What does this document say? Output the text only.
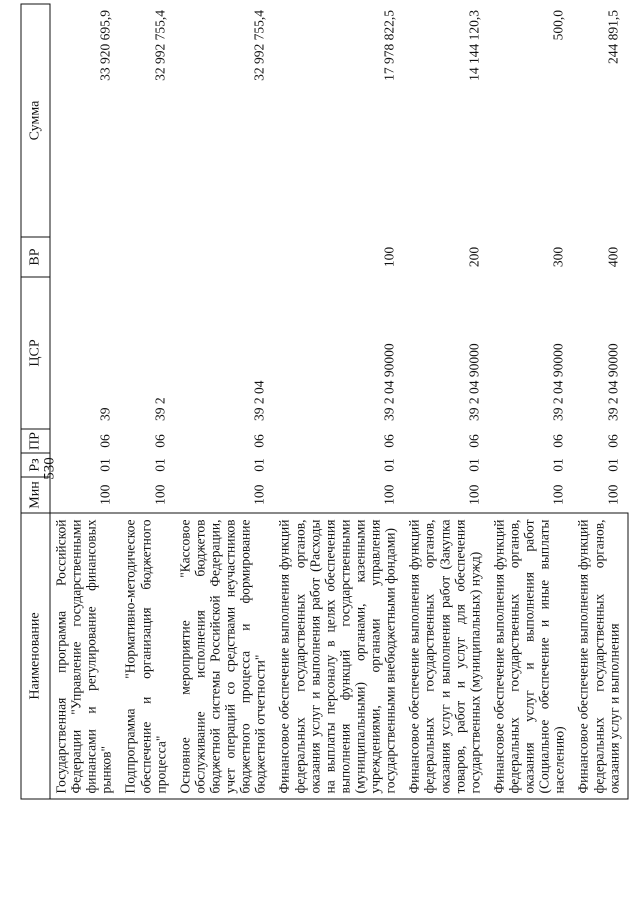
530
Наименование	Мин	Рз	ПР	ЦСР	ВР	Сумма
Государственная программа Российской Федерации "Управление государственными финансами и регулирование финансовых рынков"	100	01	06	39		33 920 695,9
Подпрограмма "Нормативно-методическое обеспечение и организация бюджетного процесса"	100	01	06	39 2		32 992 755,4
Основное мероприятие "Кассовое обслуживание исполнения бюджетов бюджетной системы Российской Федерации, учет операций со средствами неучастников бюджетного процесса и формирование бюджетной отчетности"	100	01	06	39 2 04		32 992 755,4
Финансовое обеспечение выполнения функций федеральных государственных органов, оказания услуг и выполнения работ (Расходы на выплаты персоналу в целях обеспечения выполнения функций государственными (муниципальными) органами, казенными учреждениями, органами управления государственными внебюджетными фондами)	100	01	06	39 2 04 90000	100	17 978 822,5
Финансовое обеспечение выполнения функций федеральных государственных органов, оказания услуг и выполнения работ (Закупка товаров, работ и услуг для обеспечения государственных (муниципальных) нужд)	100	01	06	39 2 04 90000	200	14 144 120,3
Финансовое обеспечение выполнения функций федеральных государственных органов, оказания услуг и выполнения работ (Социальное обеспечение и иные выплаты населению)	100	01	06	39 2 04 90000	300	500,0
Финансовое обеспечение выполнения функций федеральных государственных органов, оказания услуг и выполнения	100	01	06	39 2 04 90000	400	244 891,5
